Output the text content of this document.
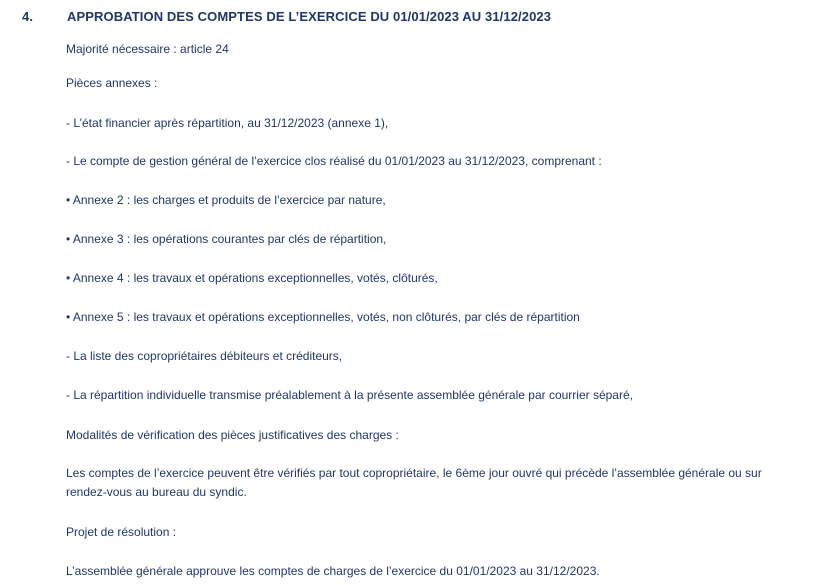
4.	APPROBATION DES COMPTES DE L’EXERCICE DU 01/01/2023 AU 31/12/2023
Majorité nécessaire : article 24
Pièces annexes :
- L’état financier après répartition, au 31/12/2023 (annexe 1),
- Le compte de gestion général de l’exercice clos réalisé du 01/01/2023 au 31/12/2023, comprenant :
• Annexe 2 : les charges et produits de l’exercice par nature,
• Annexe 3 : les opérations courantes par clés de répartition,
• Annexe 4 : les travaux et opérations exceptionnelles, votés, clôturés,
• Annexe 5 : les travaux et opérations exceptionnelles, votés, non clôturés, par clés de répartition
- La liste des copropriétaires débiteurs et créditeurs,
- La répartition individuelle transmise préalablement à la présente assemblée générale par courrier séparé,
Modalités de vérification des pièces justificatives des charges :
Les comptes de l’exercice peuvent être vérifiés par tout copropriétaire, le 6ème jour ouvré qui précède l’assemblée générale ou sur rendez-vous au bureau du syndic.
Projet de résolution :
L’assemblée générale approuve les comptes de charges de l’exercice du 01/01/2023 au 31/12/2023.
